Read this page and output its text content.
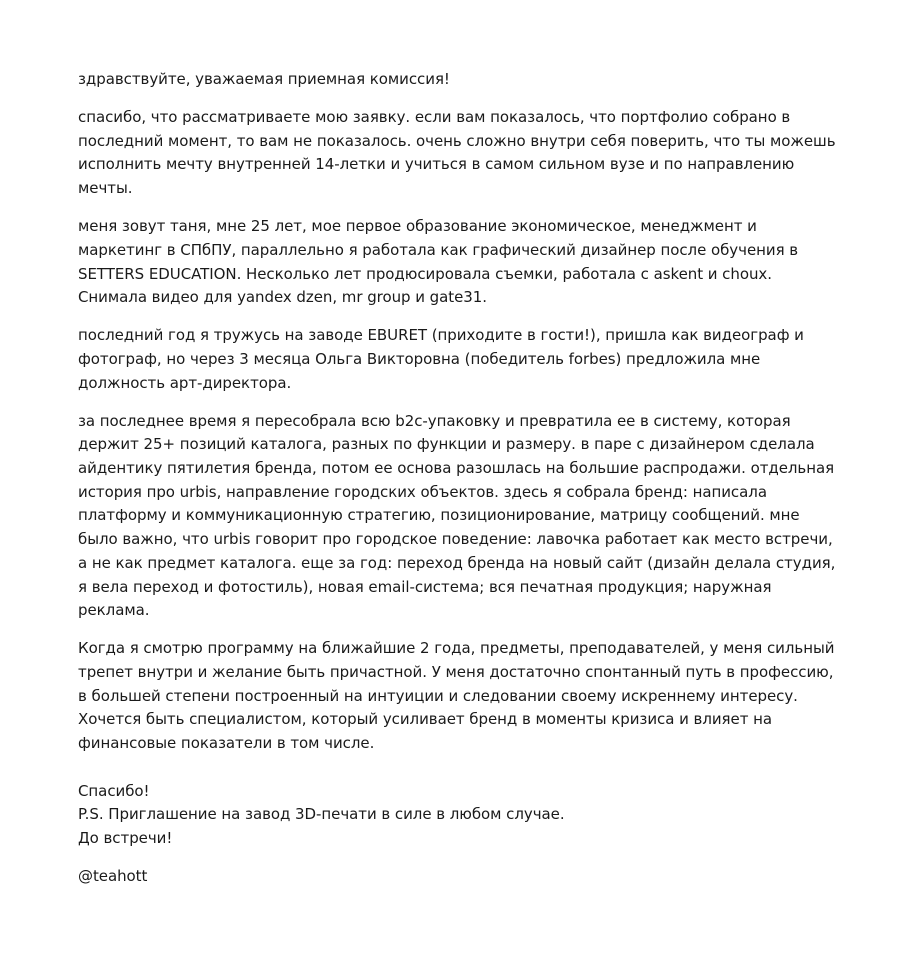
здравствуйте, уважаемая приемная комиссия!

спасибо, что рассматриваете мою заявку. если вам показалось, что портфолио собрано в последний момент, то вам не показалось. очень сложно внутри себя поверить, что ты можешь исполнить мечту внутренней 14-летки и учиться в самом сильном вузе и по направлению мечты.

меня зовут таня, мне 25 лет, мое первое образование экономическое, менеджмент и маркетинг в СПбПУ, параллельно я работала как графический дизайнер после обучения в SETTERS EDUCATION. Несколько лет продюсировала съемки, работала с askent и choux. Снимала видео для yandex dzen, mr group и gate31.

последний год я тружусь на заводе EBURET (приходите в гости!), пришла как видеограф и фотограф, но через 3 месяца Ольга Викторовна (победитель forbes) предложила мне должность арт-директора.

за последнее время я пересобрала всю b2c-упаковку и превратила ее в систему, которая держит 25+ позиций каталога, разных по функции и размеру. в паре с дизайнером сделала айдентику пятилетия бренда, потом ее основа разошлась на большие распродажи. отдельная история про urbis, направление городских объектов. здесь я собрала бренд: написала платформу и коммуникационную стратегию, позиционирование, матрицу сообщений. мне было важно, что urbis говорит про городское поведение: лавочка работает как место встречи, а не как предмет каталога. еще за год: переход бренда на новый сайт (дизайн делала студия, я вела переход и фотостиль), новая email-система; вся печатная продукция; наружная реклама.

Когда я смотрю программу на ближайшие 2 года, предметы, преподавателей, у меня сильный трепет внутри и желание быть причастной. У меня достаточно спонтанный путь в профессию, в большей степени построенный на интуиции и следовании своему искреннему интересу. Хочется быть специалистом, который усиливает бренд в моменты кризиса и влияет на финансовые показатели в том числе.

Спасибо!
P.S. Приглашение на завод 3D-печати в силе в любом случае.
До встречи!
@teahott
